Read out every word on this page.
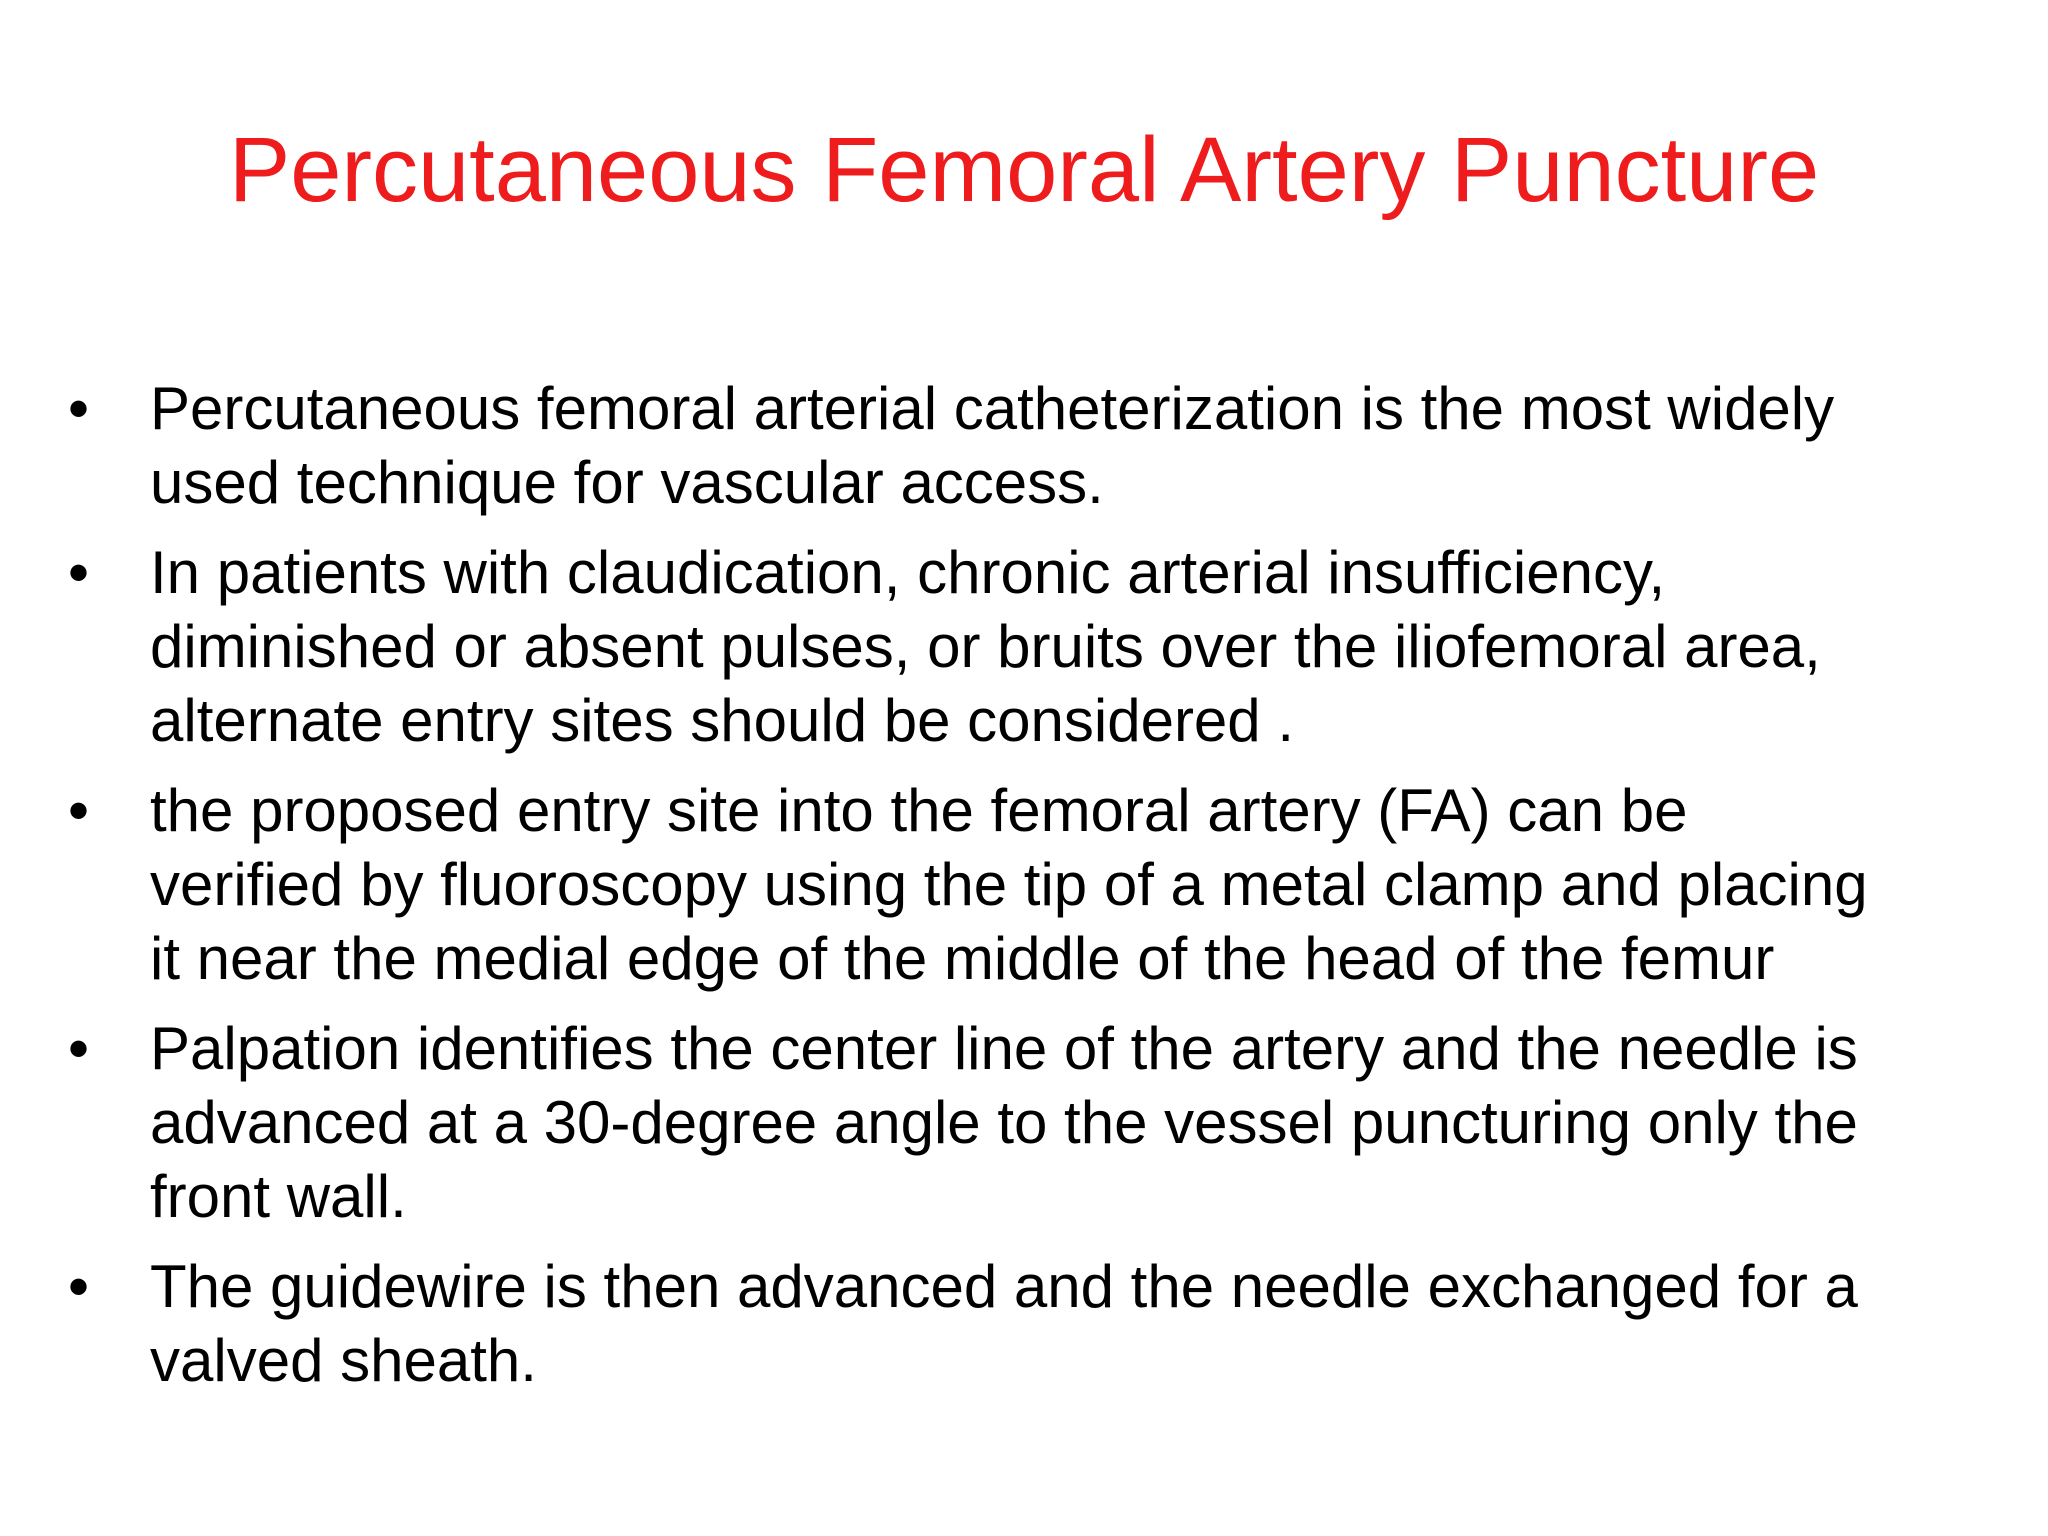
Percutaneous Femoral Artery Puncture
•	Percutaneous femoral arterial catheterization is the most widely
used technique for vascular access.
•	In patients with claudication, chronic arterial insufficiency,
diminished or absent pulses, or bruits over the iliofemoral area,
alternate entry sites should be considered .
•	the proposed entry site into the femoral artery (FA) can be
verified by fluoroscopy using the tip of a metal clamp and placing
it near the medial edge of the middle of the head of the femur
•	Palpation identifies the center line of the artery and the needle is
advanced at a 30-degree angle to the vessel puncturing only the
front wall.
•	The guidewire is then advanced and the needle exchanged for a
valved sheath.
